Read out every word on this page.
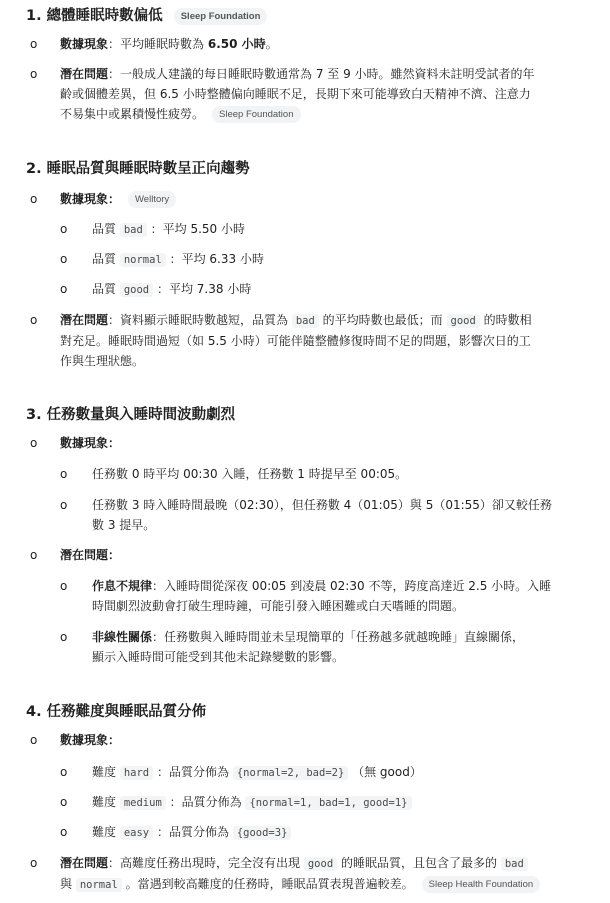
1. 總體睡眠時數偏低 Sleep Foundation
o 數據現象：平均睡眠時數為 6.50 小時。
o 潛在問題：一般成人建議的每日睡眠時數通常為 7 至 9 小時。雖然資料未註明受試者的年
齡或個體差異，但 6.5 小時整體偏向睡眠不足，長期下來可能導致白天精神不濟、注意力
不易集中或累積慢性疲勞。 Sleep Foundation
2. 睡眠品質與睡眠時數呈正向趨勢
o 數據現象： Welltory
o 品質 bad ：平均 5.50 小時
o 品質 normal ：平均 6.33 小時
o 品質 good ：平均 7.38 小時
o 潛在問題：資料顯示睡眠時數越短，品質為 bad 的平均時數也最低；而 good 的時數相
對充足。睡眠時間過短（如 5.5 小時）可能伴隨整體修復時間不足的問題，影響次日的工
作與生理狀態。
3. 任務數量與入睡時間波動劇烈
o 數據現象：
o 任務數 0 時平均 00:30 入睡，任務數 1 時提早至 00:05。
o 任務數 3 時入睡時間最晚（02:30），但任務數 4（01:05）與 5（01:55）卻又較任務
數 3 提早。
o 潛在問題：
o 作息不規律：入睡時間從深夜 00:05 到凌晨 02:30 不等，跨度高達近 2.5 小時。入睡
時間劇烈波動會打破生理時鐘，可能引發入睡困難或白天嗜睡的問題。
o 非線性關係：任務數與入睡時間並未呈現簡單的「任務越多就越晚睡」直線關係，
顯示入睡時間可能受到其他未記錄變數的影響。
4. 任務難度與睡眠品質分佈
o 數據現象：
o 難度 hard ：品質分佈為 {normal=2, bad=2} （無 good）
o 難度 medium ：品質分佈為 {normal=1, bad=1, good=1}
o 難度 easy ：品質分佈為 {good=3}
o 潛在問題：高難度任務出現時，完全沒有出現 good 的睡眠品質，且包含了最多的 bad
與 normal 。當遇到較高難度的任務時，睡眠品質表現普遍較差。 Sleep Health Foundation
